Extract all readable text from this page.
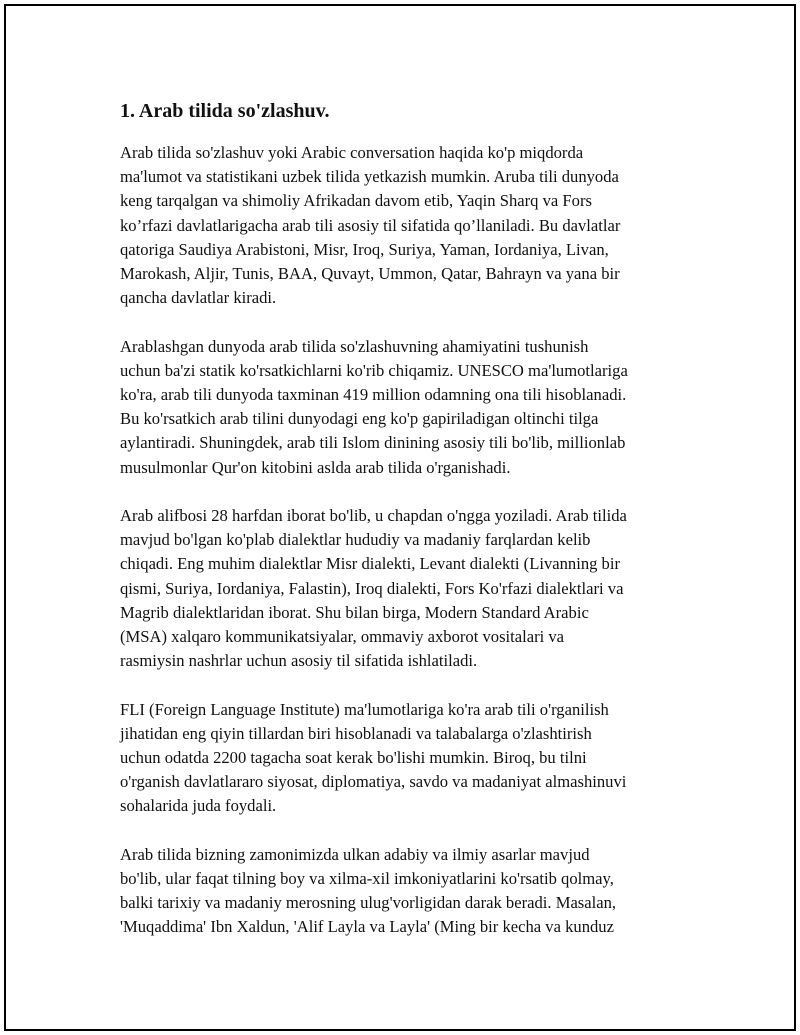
1. Arab tilida so'zlashuv.

Arab tilida so'zlashuv yoki Arabic conversation haqida ko'p miqdorda
ma'lumot va statistikani uzbek tilida yetkazish mumkin. Aruba tili dunyoda
keng tarqalgan va shimoliy Afrikadan davom etib, Yaqin Sharq va Fors
ko’rfazi davlatlarigacha arab tili asosiy til sifatida qo’llaniladi. Bu davlatlar
qatoriga Saudiya Arabistoni, Misr, Iroq, Suriya, Yaman, Iordaniya, Livan,
Marokash, Aljir, Tunis, BAA, Quvayt, Ummon, Qatar, Bahrayn va yana bir
qancha davlatlar kiradi.

Arablashgan dunyoda arab tilida so'zlashuvning ahamiyatini tushunish
uchun ba'zi statik ko'rsatkichlarni ko'rib chiqamiz. UNESCO ma'lumotlariga
ko'ra, arab tili dunyoda taxminan 419 million odamning ona tili hisoblanadi.
Bu ko'rsatkich arab tilini dunyodagi eng ko'p gapiriladigan oltinchi tilga
aylantiradi. Shuningdek, arab tili Islom dinining asosiy tili bo'lib, millionlab
musulmonlar Qur'on kitobini aslda arab tilida o'rganishadi.

Arab alifbosi 28 harfdan iborat bo'lib, u chapdan o'ngga yoziladi. Arab tilida
mavjud bo'lgan ko'plab dialektlar hududiy va madaniy farqlardan kelib
chiqadi. Eng muhim dialektlar Misr dialekti, Levant dialekti (Livanning bir
qismi, Suriya, Iordaniya, Falastin), Iroq dialekti, Fors Ko'rfazi dialektlari va
Magrib dialektlaridan iborat. Shu bilan birga, Modern Standard Arabic
(MSA) xalqaro kommunikatsiyalar, ommaviy axborot vositalari va
rasmiysin nashrlar uchun asosiy til sifatida ishlatiladi.

FLI (Foreign Language Institute) ma'lumotlariga ko'ra arab tili o'rganilish
jihatidan eng qiyin tillardan biri hisoblanadi va talabalarga o'zlashtirish
uchun odatda 2200 tagacha soat kerak bo'lishi mumkin. Biroq, bu tilni
o'rganish davlatlararo siyosat, diplomatiya, savdo va madaniyat almashinuvi
sohalarida juda foydali.

Arab tilida bizning zamonimizda ulkan adabiy va ilmiy asarlar mavjud
bo'lib, ular faqat tilning boy va xilma-xil imkoniyatlarini ko'rsatib qolmay,
balki tarixiy va madaniy merosning ulug'vorligidan darak beradi. Masalan,
'Muqaddima' Ibn Xaldun, 'Alif Layla va Layla' (Ming bir kecha va kunduz
